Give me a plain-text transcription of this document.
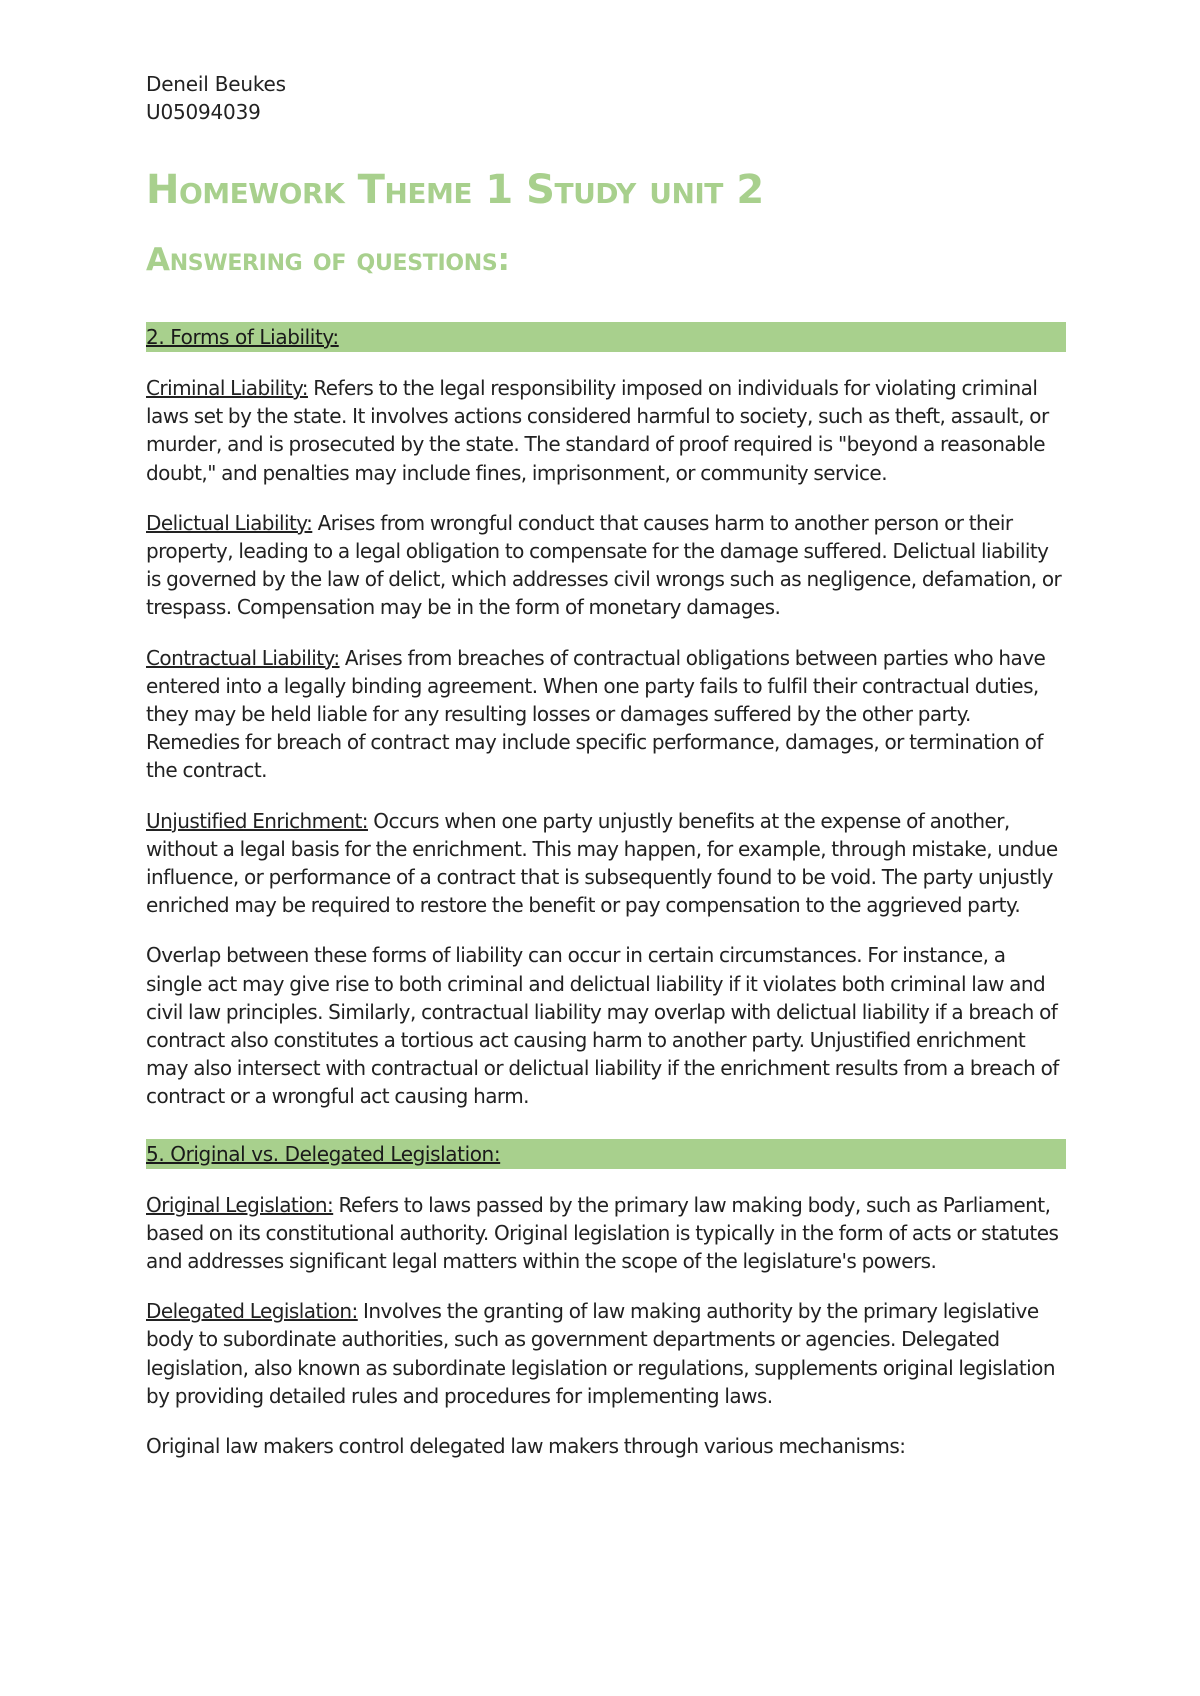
Deneil Beukes
U05094039
Homework Theme 1 Study unit 2
Answering of questions:
2. Forms of Liability:

Criminal Liability: Refers to the legal responsibility imposed on individuals for violating criminal laws set by the state. It involves actions considered harmful to society, such as theft, assault, or murder, and is prosecuted by the state. The standard of proof required is "beyond a reasonable doubt," and penalties may include fines, imprisonment, or community service.

Delictual Liability: Arises from wrongful conduct that causes harm to another person or their property, leading to a legal obligation to compensate for the damage suffered. Delictual liability is governed by the law of delict, which addresses civil wrongs such as negligence, defamation, or trespass. Compensation may be in the form of monetary damages.

Contractual Liability: Arises from breaches of contractual obligations between parties who have entered into a legally binding agreement. When one party fails to fulfil their contractual duties, they may be held liable for any resulting losses or damages suffered by the other party. Remedies for breach of contract may include specific performance, damages, or termination of the contract.

Unjustified Enrichment: Occurs when one party unjustly benefits at the expense of another, without a legal basis for the enrichment. This may happen, for example, through mistake, undue influence, or performance of a contract that is subsequently found to be void. The party unjustly enriched may be required to restore the benefit or pay compensation to the aggrieved party.

Overlap between these forms of liability can occur in certain circumstances. For instance, a single act may give rise to both criminal and delictual liability if it violates both criminal law and civil law principles. Similarly, contractual liability may overlap with delictual liability if a breach of contract also constitutes a tortious act causing harm to another party. Unjustified enrichment may also intersect with contractual or delictual liability if the enrichment results from a breach of contract or a wrongful act causing harm.

5. Original vs. Delegated Legislation:

Original Legislation: Refers to laws passed by the primary law making body, such as Parliament, based on its constitutional authority. Original legislation is typically in the form of acts or statutes and addresses significant legal matters within the scope of the legislature's powers.

Delegated Legislation: Involves the granting of law making authority by the primary legislative body to subordinate authorities, such as government departments or agencies. Delegated legislation, also known as subordinate legislation or regulations, supplements original legislation by providing detailed rules and procedures for implementing laws.

Original law makers control delegated law makers through various mechanisms:
